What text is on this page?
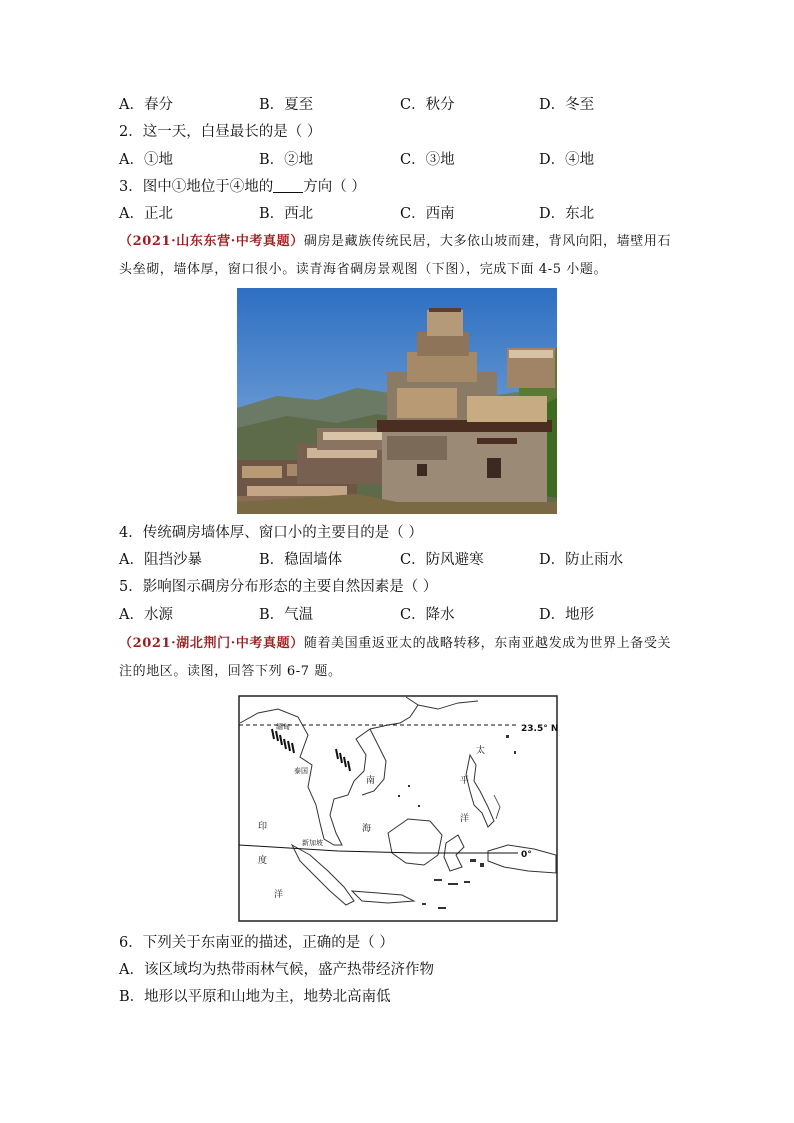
A．春分	B．夏至	C．秋分	D．冬至
2．这一天，白昼最长的是（ ）
A．①地	B．②地	C．③地	D．④地
3．图中①地位于④地的 方向（ ）
A．正北	B．西北	C．西南	D．东北
（2021·山东东营·中考真题）碉房是藏族传统民居，大多依山坡而建，背风向阳，墙壁用石
头垒砌，墙体厚，窗口很小。读青海省碉房景观图（下图），完成下面 4-5 小题。
4．传统碉房墙体厚、窗口小的主要目的是（ ）
A．阻挡沙暴	B．稳固墙体	C．防风避寒	D．防止雨水
5．影响图示碉房分布形态的主要自然因素是（ ）
A．水源	B．气温	C．降水	D．地形
（2021·湖北荆门·中考真题）随着美国重返亚太的战略转移，东南亚越发成为世界上备受关
注的地区。读图，回答下列 6-7 题。
23.5° N
0°
缅甸
泰国
南
海
太
平
洋
印
度
洋
新加坡
6．下列关于东南亚的描述，正确的是（ ）
A．该区域均为热带雨林气候，盛产热带经济作物
B．地形以平原和山地为主，地势北高南低
